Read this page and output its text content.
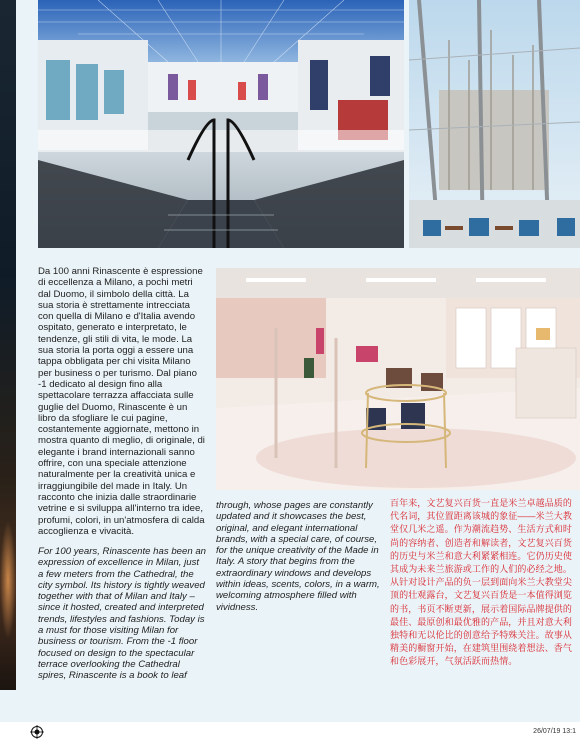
Da 100 anni Rinascente è espressione di eccellenza a Milano, a pochi metri dal Duomo, il simbolo della città. La sua storia è strettamente intrecciata con quella di Milano e d'Italia avendo ospitato, generato e interpretato, le tendenze, gli stili di vita, le mode. La sua storia la porta oggi a essere una tappa obbligata per chi visita Milano per business o per turismo. Dal piano -1 dedicato al design fino alla spettacolare terrazza affacciata sulle guglie del Duomo, Rinascente è un libro da sfogliare le cui pagine, costantemente aggiornate, mettono in mostra quanto di meglio, di originale, di elegante i brand internazionali sanno offrire, con una speciale attenzione naturalmente per la creatività unica e irraggiungibile del made in Italy. Un racconto che inizia dalle straordinarie vetrine e si sviluppa all'interno tra idee, profumi, colori, in un'atmosfera di calda accoglienza e vivacità.

For 100 years, Rinascente has been an expression of excellence in Milan, just a few meters from the Cathedral, the city symbol. Its history is tightly weaved together with that of Milan and Italy – since it hosted, created and interpreted trends, lifestyles and fashions. Today is a must for those visiting Milan for business or tourism. From the -1 floor focused on design to the spectacular terrace overlooking the Cathedral spires, Rinascente is a book to leaf

through, whose pages are constantly updated and it showcases the best, original, and elegant international brands, with a special care, of course, for the unique creativity of the Made in Italy. A story that begins from the extraordinary windows and develops within ideas, scents, colors, in a warm, welcoming atmosphere filled with vividness.

百年来，文艺复兴百货一直是米兰卓越品质的代名词，其位置距离该城的象征——米兰大教堂仅几米之遥。作为潮流趋势、生活方式和时尚的容纳者、创造者和解读者，文艺复兴百货的历史与米兰和意大利紧紧相连。它仍历史使其成为未来兰旅游或工作的人们的必经之地。从针对设计产品的负一层到面向米兰大教堂尖顶的壮观露台，文艺复兴百货是一本值得浏览的书，书页不断更新，展示着国际品牌提供的最佳、最原创和最优雅的产品，并且对意大利独特和无以伦比的创意给予特殊关注。故事从精美的橱窗开始，在建筑里围绕着想法、香气和色彩展开，气氛活跃而热情。

26/07/19 13:1
